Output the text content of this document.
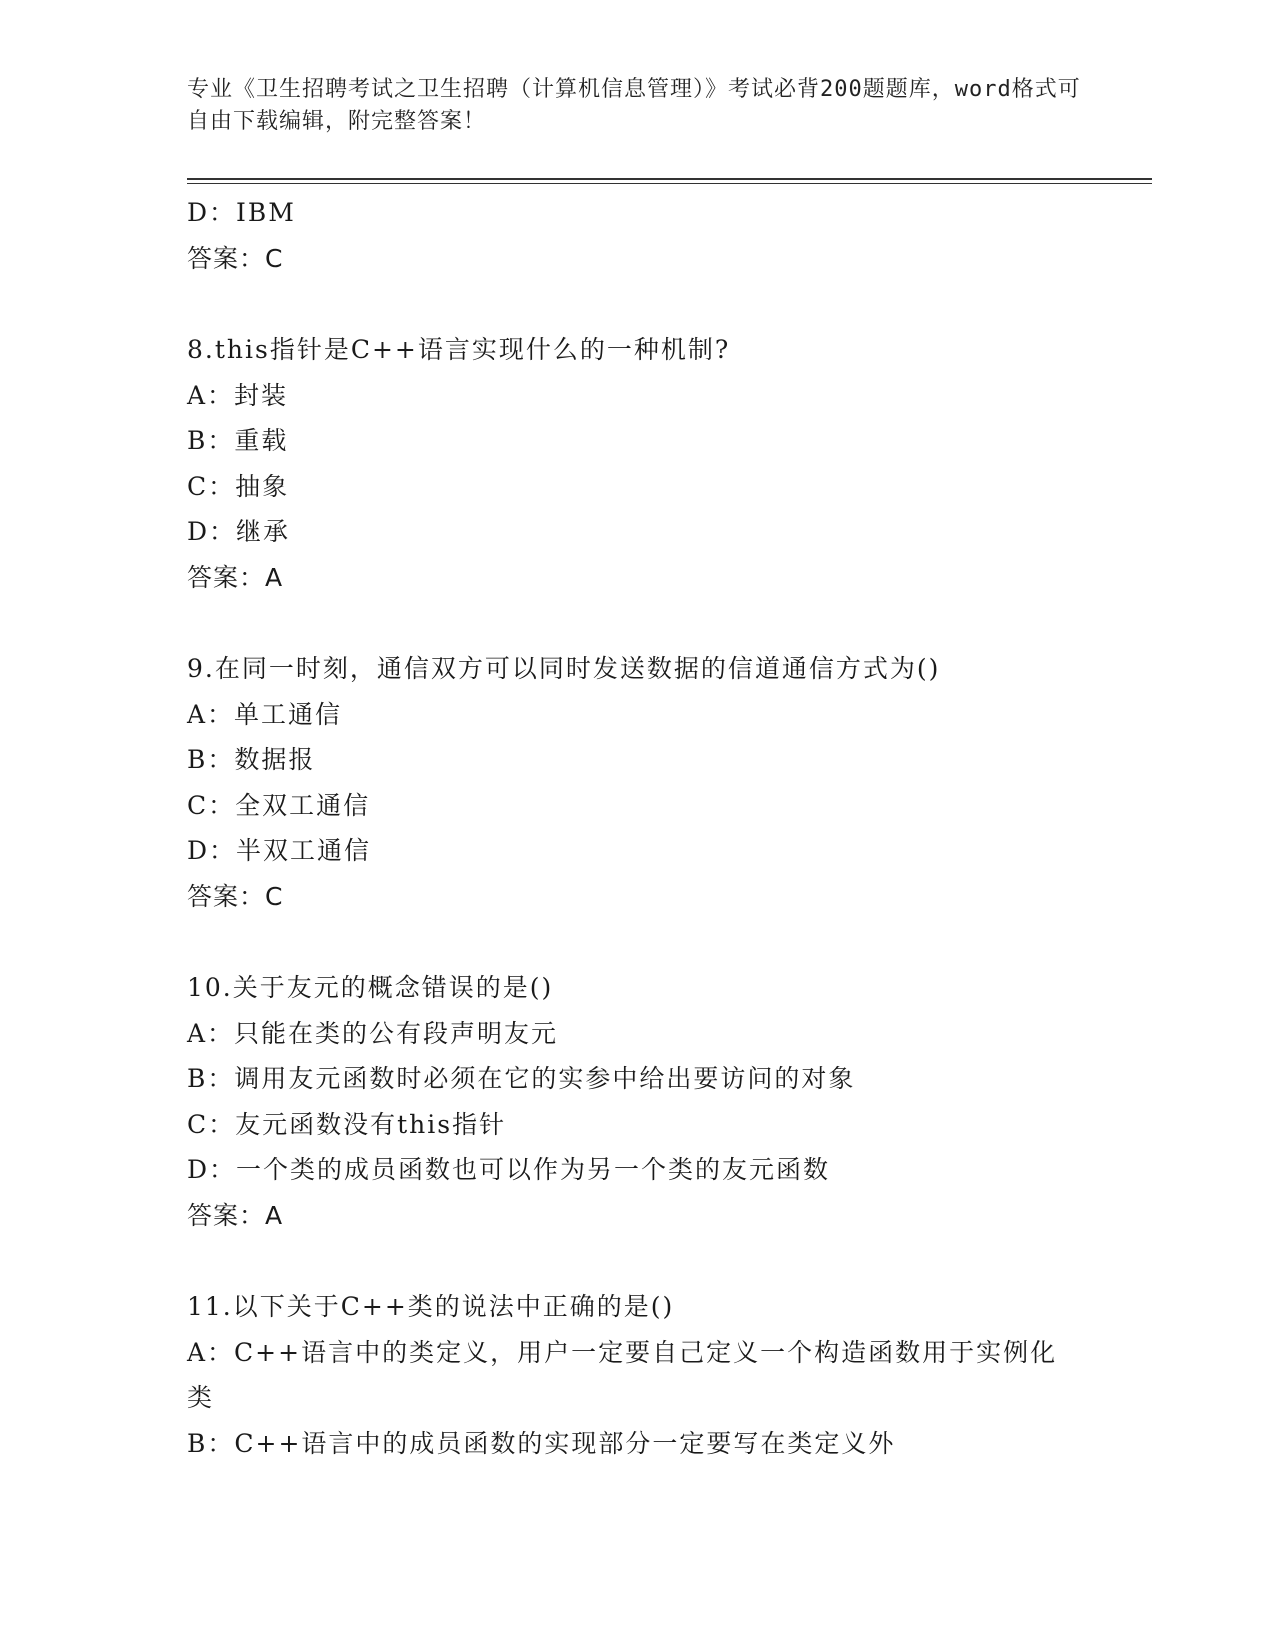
专业《卫生招聘考试之卫生招聘（计算机信息管理）》考试必背200题题库，word格式可自由下载编辑，附完整答案！
D：IBM
答案：C
8.this指针是C++语言实现什么的一种机制?
A：封装
B：重载
C：抽象
D：继承
答案：A
9.在同一时刻，通信双方可以同时发送数据的信道通信方式为()
A：单工通信
B：数据报
C：全双工通信
D：半双工通信
答案：C
10.关于友元的概念错误的是()
A：只能在类的公有段声明友元
B：调用友元函数时必须在它的实参中给出要访问的对象
C：友元函数没有this指针
D：一个类的成员函数也可以作为另一个类的友元函数
答案：A
11.以下关于C++类的说法中正确的是()
A：C++语言中的类定义，用户一定要自己定义一个构造函数用于实例化类
B：C++语言中的成员函数的实现部分一定要写在类定义外
